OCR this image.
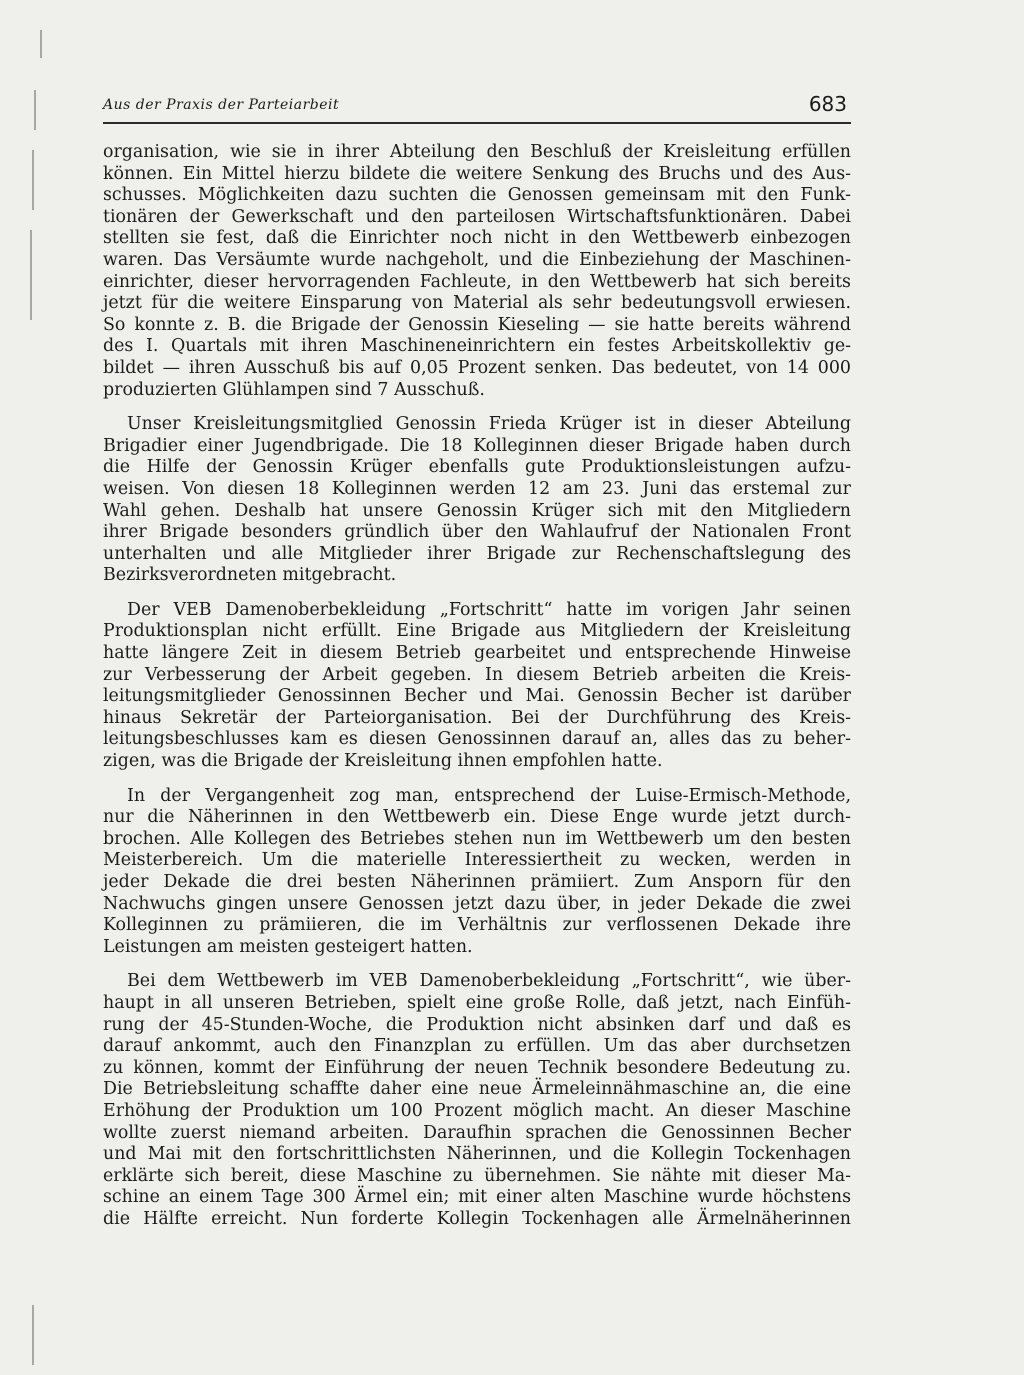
Aus der Praxis der Parteiarbeit	683
organisation, wie sie in ihrer Abteilung den Beschluß der Kreisleitung erfüllen
können. Ein Mittel hierzu bildete die weitere Senkung des Bruchs und des Aus-
schusses. Möglichkeiten dazu suchten die Genossen gemeinsam mit den Funk-
tionären der Gewerkschaft und den parteilosen Wirtschaftsfunktionären. Dabei
stellten sie fest, daß die Einrichter noch nicht in den Wettbewerb einbezogen
waren. Das Versäumte wurde nachgeholt, und die Einbeziehung der Maschinen-
einrichter, dieser hervorragenden Fachleute, in den Wettbewerb hat sich bereits
jetzt für die weitere Einsparung von Material als sehr bedeutungsvoll erwiesen.
So konnte z. B. die Brigade der Genossin Kieseling — sie hatte bereits während
des I. Quartals mit ihren Maschineneinrichtern ein festes Arbeitskollektiv ge-
bildet — ihren Ausschuß bis auf 0,05 Prozent senken. Das bedeutet, von 14 000
produzierten Glühlampen sind 7 Ausschuß.
Unser Kreisleitungsmitglied Genossin Frieda Krüger ist in dieser Abteilung
Brigadier einer Jugendbrigade. Die 18 Kolleginnen dieser Brigade haben durch
die Hilfe der Genossin Krüger ebenfalls gute Produktionsleistungen aufzu-
weisen. Von diesen 18 Kolleginnen werden 12 am 23. Juni das erstemal zur
Wahl gehen. Deshalb hat unsere Genossin Krüger sich mit den Mitgliedern
ihrer Brigade besonders gründlich über den Wahlaufruf der Nationalen Front
unterhalten und alle Mitglieder ihrer Brigade zur Rechenschaftslegung des
Bezirksverordneten mitgebracht.
Der VEB Damenoberbekleidung „Fortschritt“ hatte im vorigen Jahr seinen
Produktionsplan nicht erfüllt. Eine Brigade aus Mitgliedern der Kreisleitung
hatte längere Zeit in diesem Betrieb gearbeitet und entsprechende Hinweise
zur Verbesserung der Arbeit gegeben. In diesem Betrieb arbeiten die Kreis-
leitungsmitglieder Genossinnen Becher und Mai. Genossin Becher ist darüber
hinaus Sekretär der Parteiorganisation. Bei der Durchführung des Kreis-
leitungsbeschlusses kam es diesen Genossinnen darauf an, alles das zu beher-
zigen, was die Brigade der Kreisleitung ihnen empfohlen hatte.
In der Vergangenheit zog man, entsprechend der Luise-Ermisch-Methode,
nur die Näherinnen in den Wettbewerb ein. Diese Enge wurde jetzt durch-
brochen. Alle Kollegen des Betriebes stehen nun im Wettbewerb um den besten
Meisterbereich. Um die materielle Interessiertheit zu wecken, werden in
jeder Dekade die drei besten Näherinnen prämiiert. Zum Ansporn für den
Nachwuchs gingen unsere Genossen jetzt dazu über, in jeder Dekade die zwei
Kolleginnen zu prämiieren, die im Verhältnis zur verflossenen Dekade ihre
Leistungen am meisten gesteigert hatten.
Bei dem Wettbewerb im VEB Damenoberbekleidung „Fortschritt“, wie über-
haupt in all unseren Betrieben, spielt eine große Rolle, daß jetzt, nach Einfüh-
rung der 45-Stunden-Woche, die Produktion nicht absinken darf und daß es
darauf ankommt, auch den Finanzplan zu erfüllen. Um das aber durchsetzen
zu können, kommt der Einführung der neuen Technik besondere Bedeutung zu.
Die Betriebsleitung schaffte daher eine neue Ärmeleinnähmaschine an, die eine
Erhöhung der Produktion um 100 Prozent möglich macht. An dieser Maschine
wollte zuerst niemand arbeiten. Daraufhin sprachen die Genossinnen Becher
und Mai mit den fortschrittlichsten Näherinnen, und die Kollegin Tockenhagen
erklärte sich bereit, diese Maschine zu übernehmen. Sie nähte mit dieser Ma-
schine an einem Tage 300 Ärmel ein; mit einer alten Maschine wurde höchstens
die Hälfte erreicht. Nun forderte Kollegin Tockenhagen alle Ärmelnäherinnen
